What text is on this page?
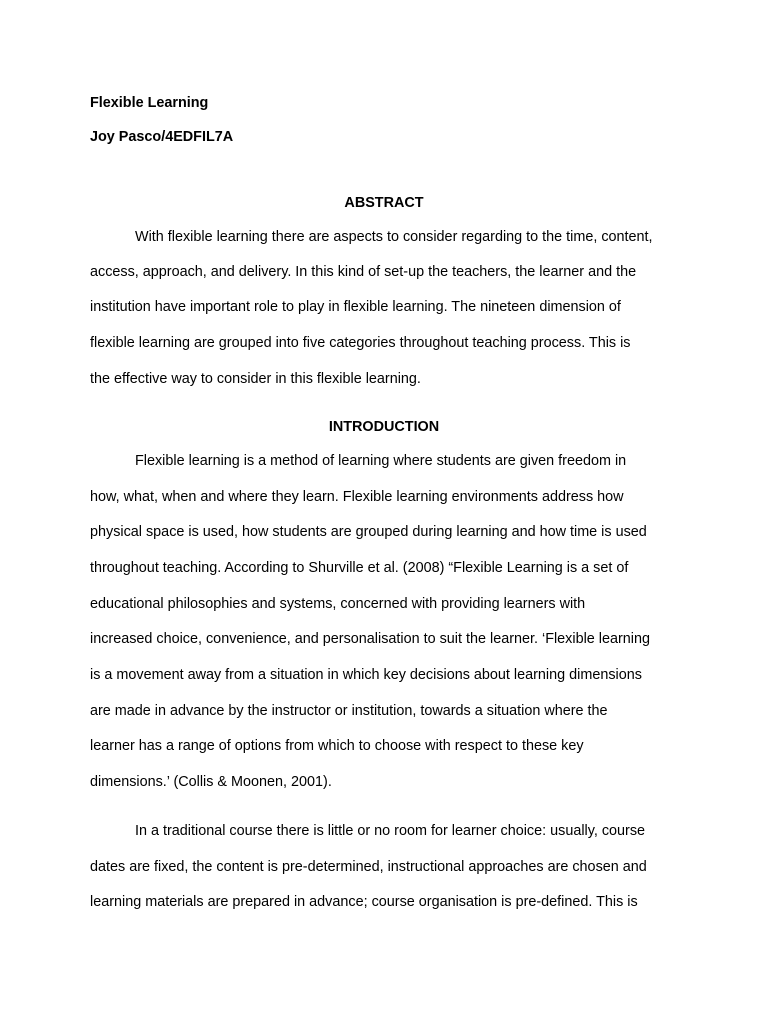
Flexible Learning

Joy Pasco/4EDFIL7A

ABSTRACT

With flexible learning there are aspects to consider regarding to the time, content,

access, approach, and delivery. In this kind of set-up the teachers, the learner and the

institution have important role to play in flexible learning. The nineteen dimension of

flexible learning are grouped into five categories throughout teaching process. This is

the effective way to consider in this flexible learning.

INTRODUCTION

Flexible learning is a method of learning where students are given freedom in

how, what, when and where they learn. Flexible learning environments address how

physical space is used, how students are grouped during learning and how time is used

throughout teaching. According to Shurville et al. (2008) “Flexible Learning is a set of

educational philosophies and systems, concerned with providing learners with

increased choice, convenience, and personalisation to suit the learner. ‘Flexible learning

is a movement away from a situation in which key decisions about learning dimensions

are made in advance by the instructor or institution, towards a situation where the

learner has a range of options from which to choose with respect to these key

dimensions.’ (Collis & Moonen, 2001).

In a traditional course there is little or no room for learner choice: usually, course

dates are fixed, the content is pre-determined, instructional approaches are chosen and

learning materials are prepared in advance; course organisation is pre-defined. This is
